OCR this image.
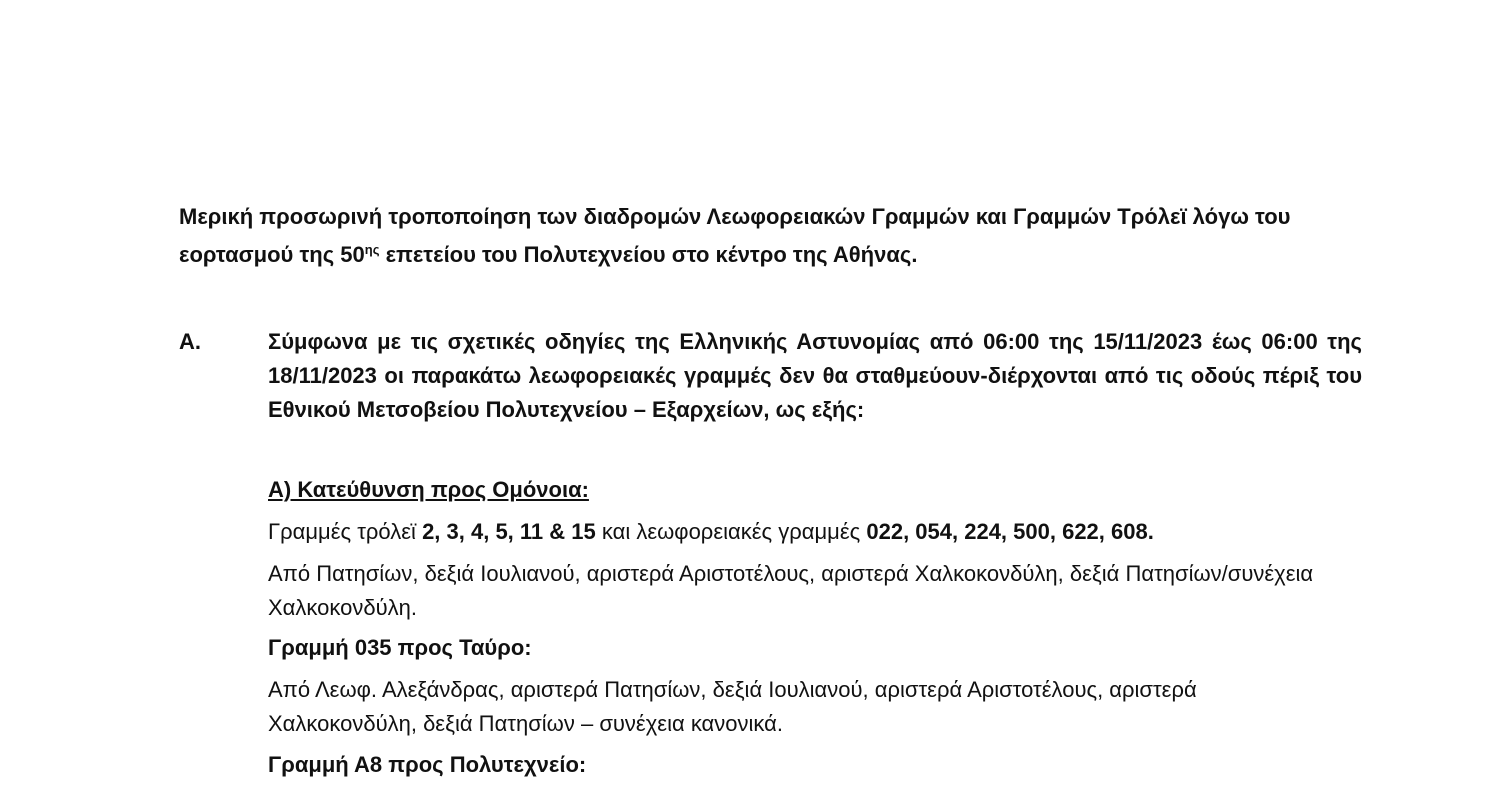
Μερική προσωρινή τροποποίηση των διαδρομών Λεωφορειακών Γραμμών και Γραμμών Τρόλεϊ λόγω του εορτασμού της $50^{\eta\varsigma}$ επετείου του Πολυτεχνείου στο κέντρο της Αθήνας.

Α.	Σύμφωνα με τις σχετικές οδηγίες της Ελληνικής Αστυνομίας από 06:00 της 15/11/2023 έως 06:00 της 18/11/2023 οι παρακάτω λεωφορειακές γραμμές δεν θα σταθμεύουν-διέρχονται από τις οδούς πέριξ του Εθνικού Μετσοβείου Πολυτεχνείου – Εξαρχείων, ως εξής:

Α) Κατεύθυνση προς Ομόνοια:

Γραμμές τρόλεϊ 2, 3, 4, 5, 11 & 15 και λεωφορειακές γραμμές 022, 054, 224, 500, 622, 608.

Από Πατησίων, δεξιά Ιουλιανού, αριστερά Αριστοτέλους, αριστερά Χαλκοκονδύλη, δεξιά Πατησίων/συνέχεια Χαλκοκονδύλη.

Γραμμή 035 προς Ταύρο:

Από Λεωφ. Αλεξάνδρας, αριστερά Πατησίων, δεξιά Ιουλιανού, αριστερά Αριστοτέλους, αριστερά Χαλκοκονδύλη, δεξιά Πατησίων – συνέχεια κανονικά.

Γραμμή Α8 προς Πολυτεχνείο:
